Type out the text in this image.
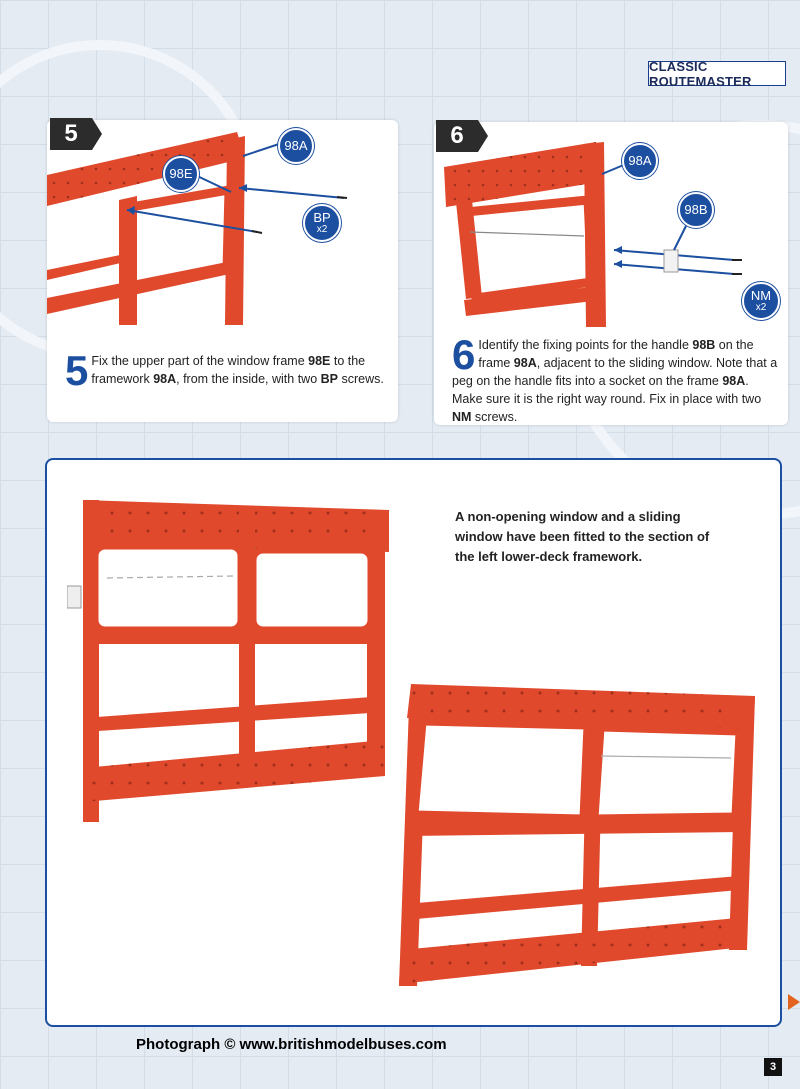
CLASSIC ROUTEMASTER
5	98A
98E
BP
x2
5 Fix the upper part of the window frame 98E to the framework 98A, from the inside, with two BP screws.
6
98A
98B
NM
x2
6 Identify the fixing points for the handle 98B on the frame 98A, adjacent to the sliding window. Note that a peg on the handle fits into a socket on the frame 98A. Make sure it is the right way round. Fix in place with two NM screws.
A non-opening window and a sliding window have been fitted to the section of the left lower-deck framework.
Photograph © www.britishmodelbuses.com
3
